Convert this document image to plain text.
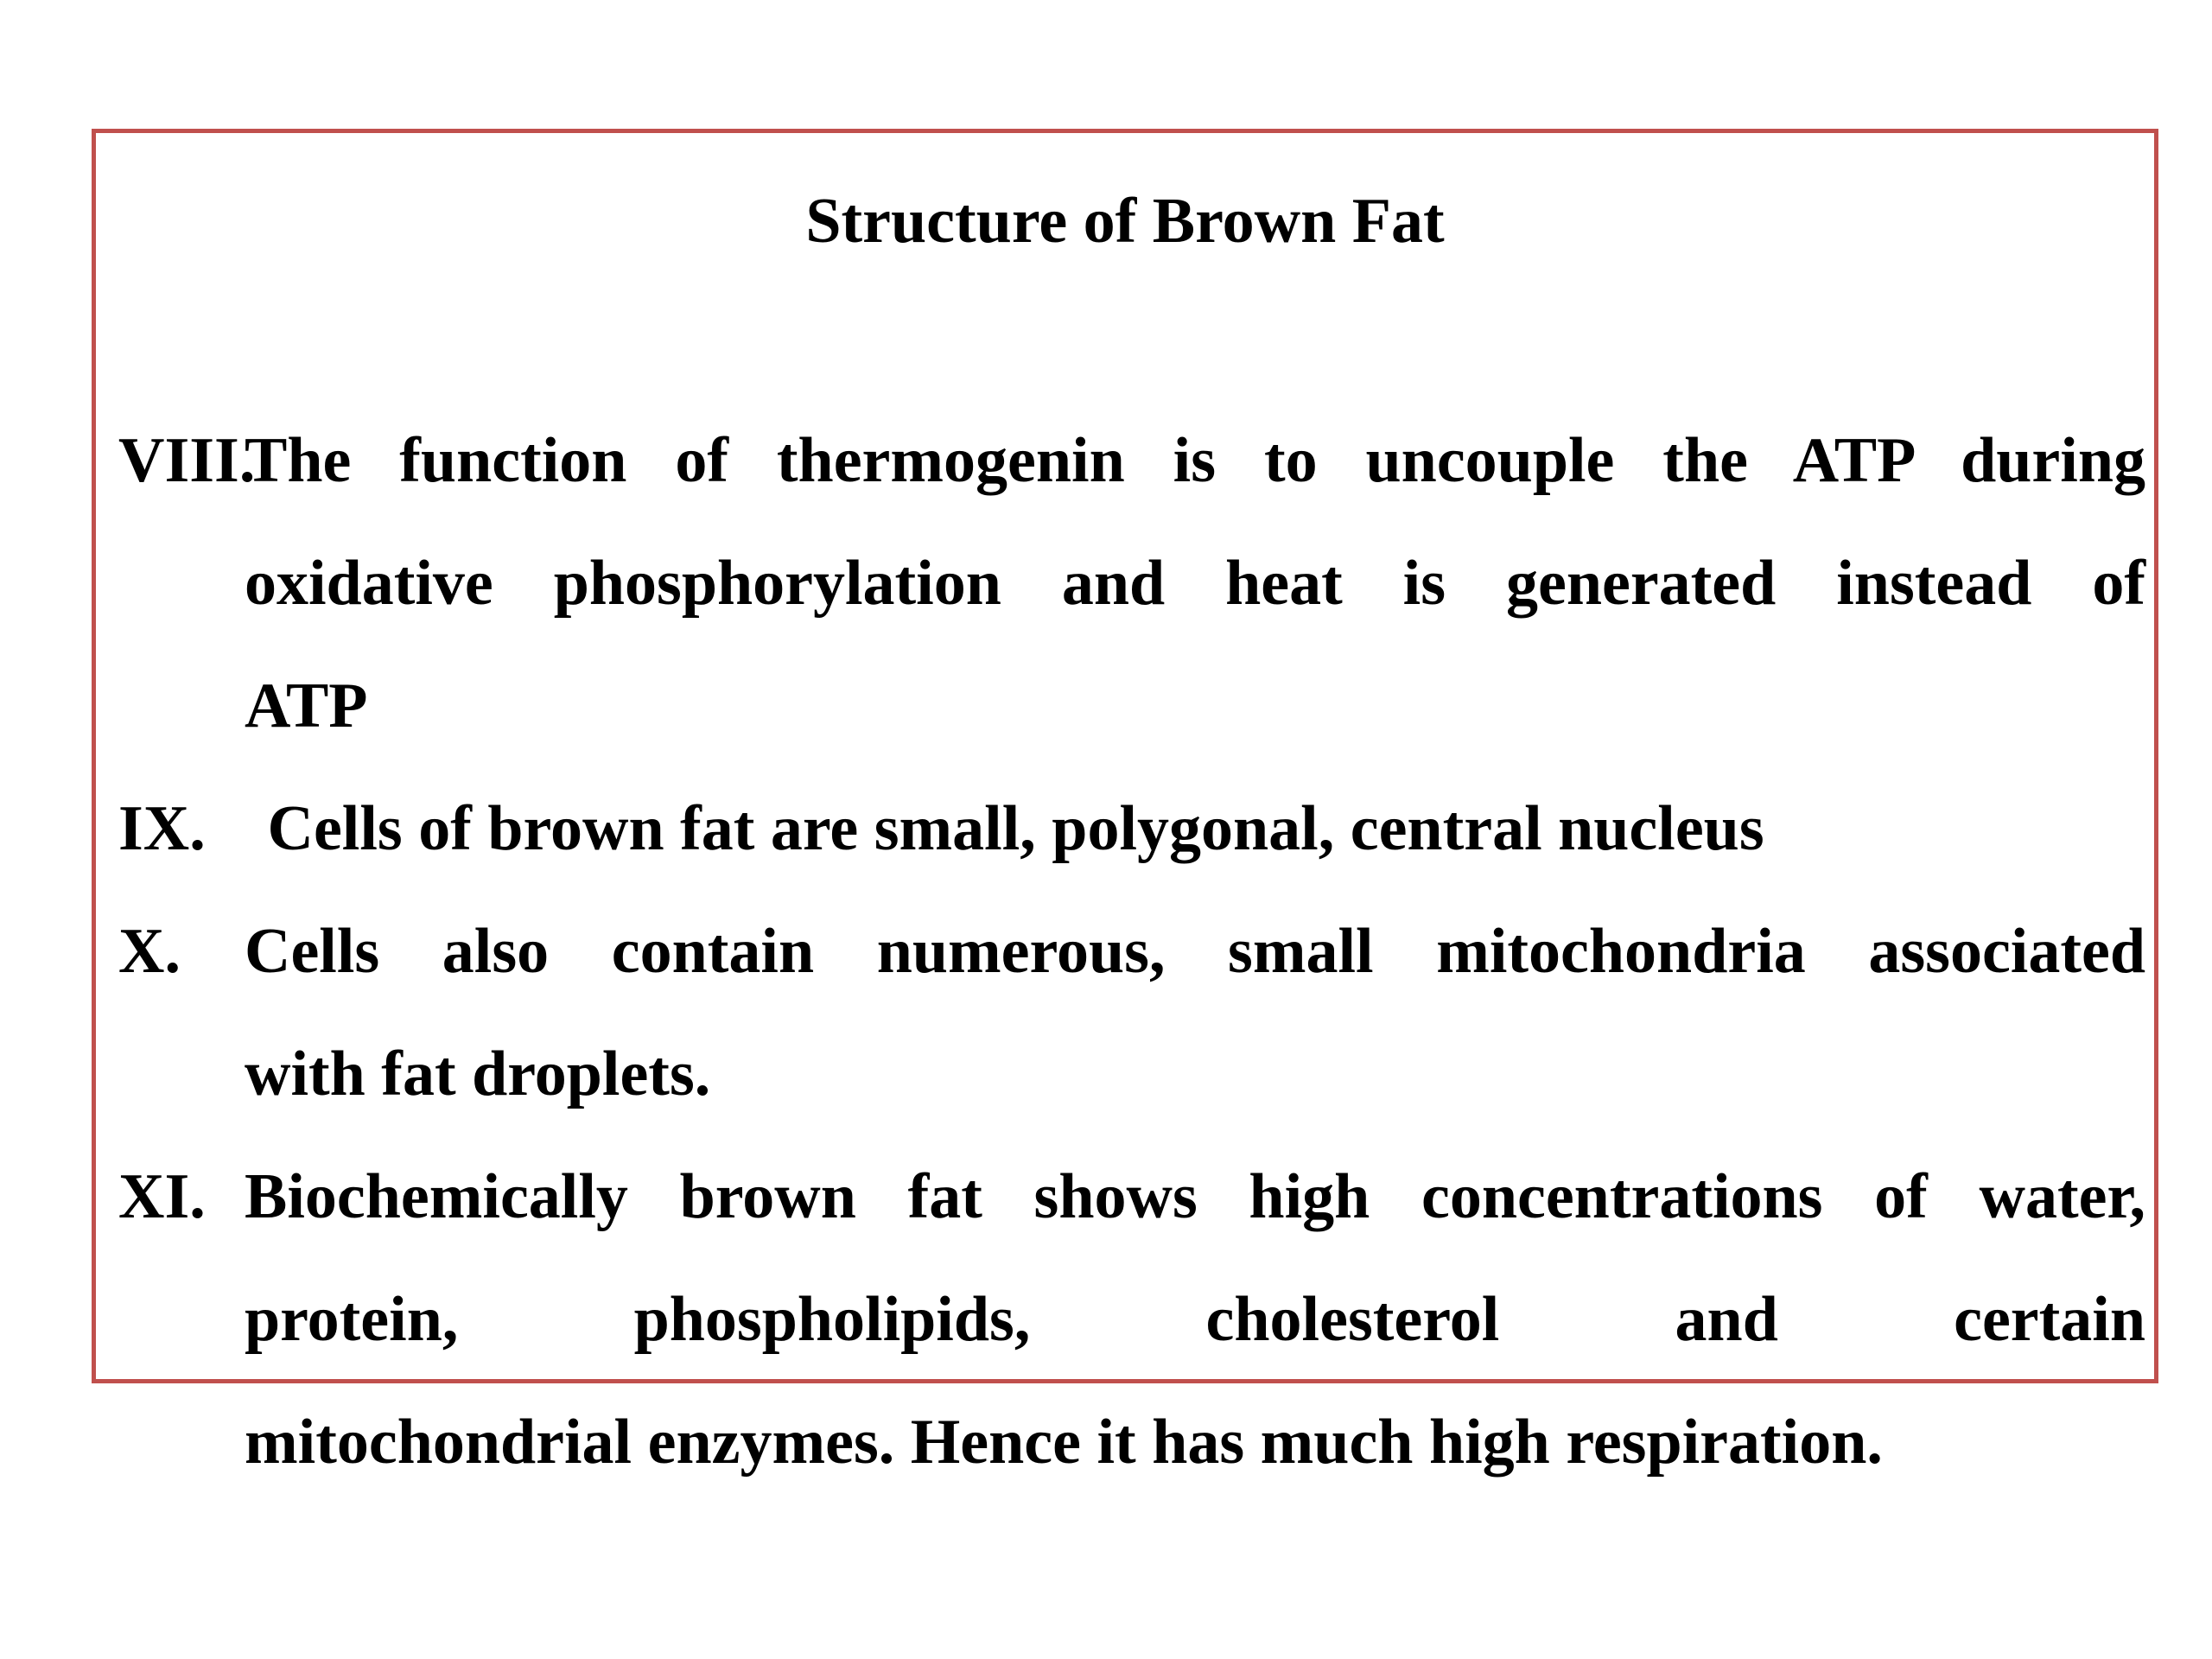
Structure of Brown Fat
VIII.
The function of thermogenin is to uncouple the ATP during
oxidative phosphorylation and heat is generated instead of
ATP
IX. Cells of brown fat are small, polygonal, central nucleus
X. Cells also contain numerous, small mitochondria associated
with fat droplets.
XI. Biochemically brown fat shows high concentrations of water,
protein, phospholipids, cholesterol and certain
mitochondrial enzymes. Hence it has much high respiration.
